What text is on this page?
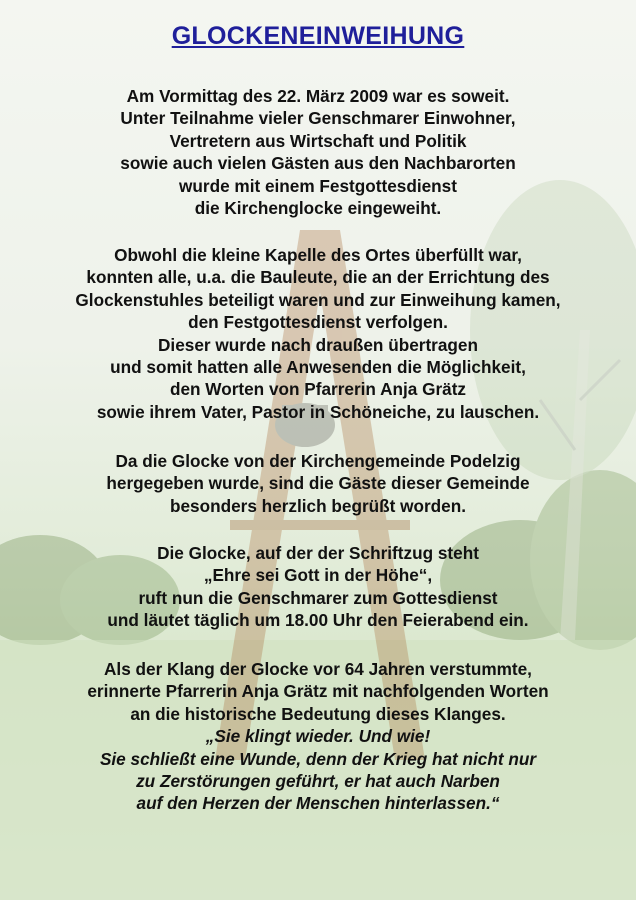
GLOCKENEINWEIHUNG

Am Vormittag des 22. März 2009 war es soweit.
Unter Teilnahme vieler Genschmarer Einwohner,
Vertretern aus Wirtschaft und Politik
sowie auch vielen Gästen aus den Nachbarorten
wurde mit einem Festgottesdienst
die Kirchenglocke eingeweiht.

Obwohl die kleine Kapelle des Ortes überfüllt war,
konnten alle, u.a. die Bauleute, die an der Errichtung des
Glockenstuhles beteiligt waren und zur Einweihung kamen,
den Festgottesdienst verfolgen.
Dieser wurde nach draußen übertragen
und somit hatten alle Anwesenden die Möglichkeit,
den Worten von Pfarrerin Anja Grätz
sowie ihrem Vater, Pastor in Schöneiche, zu lauschen.

Da die Glocke von der Kirchengemeinde Podelzig
hergegeben wurde, sind die Gäste dieser Gemeinde
besonders herzlich begrüßt worden.

Die Glocke, auf der der Schriftzug steht
„Ehre sei Gott in der Höhe“,
ruft nun die Genschmarer zum Gottesdienst
und läutet täglich um 18.00 Uhr den Feierabend ein.

Als der Klang der Glocke vor 64 Jahren verstummte,
erinnerte Pfarrerin Anja Grätz mit nachfolgenden Worten
an die historische Bedeutung dieses Klanges.
„Sie klingt wieder. Und wie!
Sie schließt eine Wunde, denn der Krieg hat nicht nur
zu Zerstörungen geführt, er hat auch Narben
auf den Herzen der Menschen hinterlassen.“
